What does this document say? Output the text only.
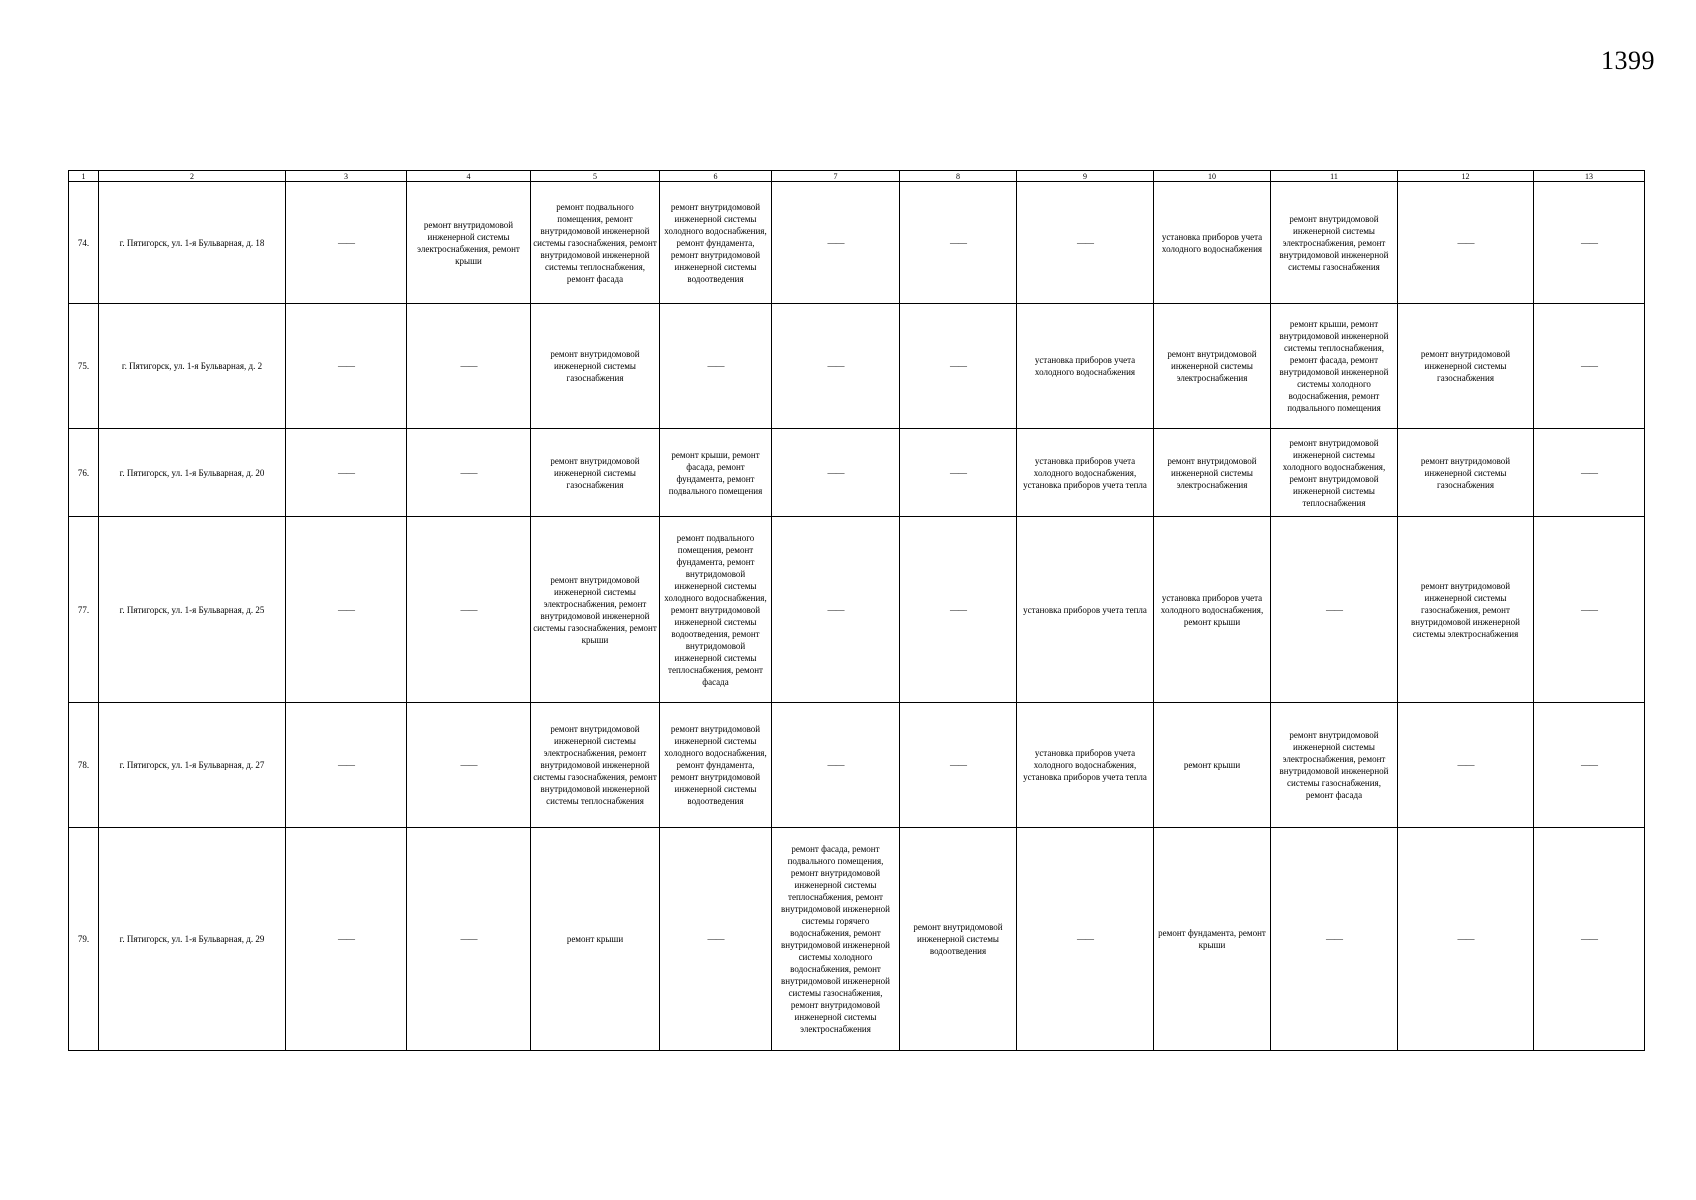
1399
1	2	3	4	5	6	7	8	9	10	11	12	13
74.	г. Пятигорск, ул. 1-я Бульварная, д. 18	——	ремонт внутридомовой инженерной системы электроснабжения, ремонт крыши	ремонт подвального помещения, ремонт внутридомовой инженерной системы газоснабжения, ремонт внутридомовой инженерной системы теплоснабжения, ремонт фасада	ремонт внутридомовой инженерной системы холодного водоснабжения, ремонт фундамента, ремонт внутридомовой инженерной системы водоотведения	——	——	——	установка приборов учета холодного водоснабжения	ремонт внутридомовой инженерной системы электроснабжения, ремонт внутридомовой инженерной системы газоснабжения	——	——
75.	г. Пятигорск, ул. 1-я Бульварная, д. 2	——	——	ремонт внутридомовой инженерной системы газоснабжения	——	——	——	установка приборов учета холодного водоснабжения	ремонт внутридомовой инженерной системы электроснабжения	ремонт крыши, ремонт внутридомовой инженерной системы теплоснабжения, ремонт фасада, ремонт внутридомовой инженерной системы холодного водоснабжения, ремонт подвального помещения	ремонт внутридомовой инженерной системы газоснабжения	——
76.	г. Пятигорск, ул. 1-я Бульварная, д. 20	——	——	ремонт внутридомовой инженерной системы газоснабжения	ремонт крыши, ремонт фасада, ремонт фундамента, ремонт подвального помещения	——	——	установка приборов учета холодного водоснабжения, установка приборов учета тепла	ремонт внутридомовой инженерной системы электроснабжения	ремонт внутридомовой инженерной системы холодного водоснабжения, ремонт внутридомовой инженерной системы теплоснабжения	ремонт внутридомовой инженерной системы газоснабжения	——
77.	г. Пятигорск, ул. 1-я Бульварная, д. 25	——	——	ремонт внутридомовой инженерной системы электроснабжения, ремонт внутридомовой инженерной системы газоснабжения, ремонт крыши	ремонт подвального помещения, ремонт фундамента, ремонт внутридомовой инженерной системы холодного водоснабжения, ремонт внутридомовой инженерной системы водоотведения, ремонт внутридомовой инженерной системы теплоснабжения, ремонт фасада	——	——	установка приборов учета тепла	установка приборов учета холодного водоснабжения, ремонт крыши	——	ремонт внутридомовой инженерной системы газоснабжения, ремонт внутридомовой инженерной системы электроснабжения	——
78.	г. Пятигорск, ул. 1-я Бульварная, д. 27	——	——	ремонт внутридомовой инженерной системы электроснабжения, ремонт внутридомовой инженерной системы газоснабжения, ремонт внутридомовой инженерной системы теплоснабжения	ремонт внутридомовой инженерной системы холодного водоснабжения, ремонт фундамента, ремонт внутридомовой инженерной системы водоотведения	——	——	установка приборов учета холодного водоснабжения, установка приборов учета тепла	ремонт крыши	ремонт внутридомовой инженерной системы электроснабжения, ремонт внутридомовой инженерной системы газоснабжения, ремонт фасада	——	——
79.	г. Пятигорск, ул. 1-я Бульварная, д. 29	——	——	ремонт крыши	——	ремонт фасада, ремонт подвального помещения, ремонт внутридомовой инженерной системы теплоснабжения, ремонт внутридомовой инженерной системы горячего водоснабжения, ремонт внутридомовой инженерной системы холодного водоснабжения, ремонт внутридомовой инженерной системы газоснабжения, ремонт внутридомовой инженерной системы электроснабжения	ремонт внутридомовой инженерной системы водоотведения	——	ремонт фундамента, ремонт крыши	——	——	——
